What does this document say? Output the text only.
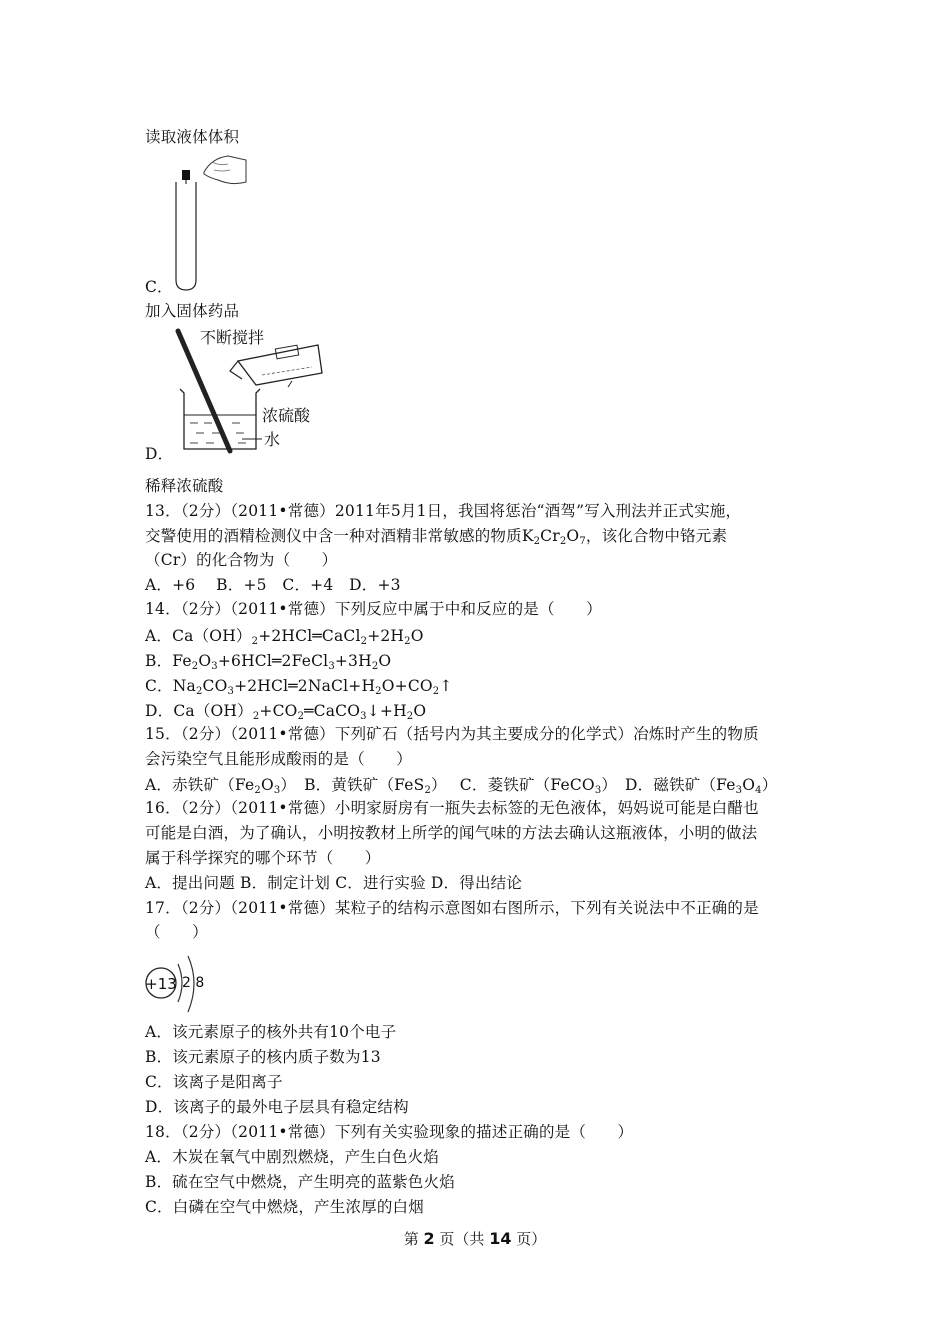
读取液体体积
C．
加入固体药品
不断搅拌
浓硫酸
水
D．
稀释浓硫酸
13．（2分）（2011•常德）2011年5月1日，我国将惩治“酒驾”写入刑法并正式实施，
交警使用的酒精检测仪中含一种对酒精非常敏感的物质$K_2Cr_2O_7$，该化合物中铬元素
（Cr）的化合物为（　　）
A．+6　 B．+5　C．+4　D．+3
14．（2分）（2011•常德）下列反应中属于中和反应的是（　　）
A．$Ca(OH)_2+2HCl═CaCl_2+2H_2O$
B．$Fe_2O_3+6HCl═2FeCl_3+3H_2O$
C．$Na_2CO_3+2HCl═2NaCl+H_2O+CO_2↑$
D．$Ca(OH)_2+CO_2═CaCO_3↓+H_2O$
15．（2分）（2011•常德）下列矿石（括号内为其主要成分的化学式）冶炼时产生的物质
会污染空气且能形成酸雨的是（　　）
A．赤铁矿$(Fe_2O_3)$　B．黄铁矿（FeS$_2$）　 C．菱铁矿（FeCO$_3$）　D．磁铁矿$(Fe_3O_4)$
16．（2分）（2011•常德）小明家厨房有一瓶失去标签的无色液体，妈妈说可能是白醋也
可能是白酒，为了确认，小明按教材上所学的闻气味的方法去确认这瓶液体，小明的做法
属于科学探究的哪个环节（　　）
A．提出问题 B．制定计划 C．进行实验 D．得出结论
17．（2分）（2011•常德）某粒子的结构示意图如右图所示，下列有关说法中不正确的是
（　　）
+13 2 8
A．该元素原子的核外共有10个电子
B．该元素原子的核内质子数为13
C．该离子是阳离子
D．该离子的最外电子层具有稳定结构
18．（2分）（2011•常德）下列有关实验现象的描述正确的是（　　）
A．木炭在氧气中剧烈燃烧，产生白色火焰
B．硫在空气中燃烧，产生明亮的蓝紫色火焰
C．白磷在空气中燃烧，产生浓厚的白烟
第 2 页（共 14 页）
